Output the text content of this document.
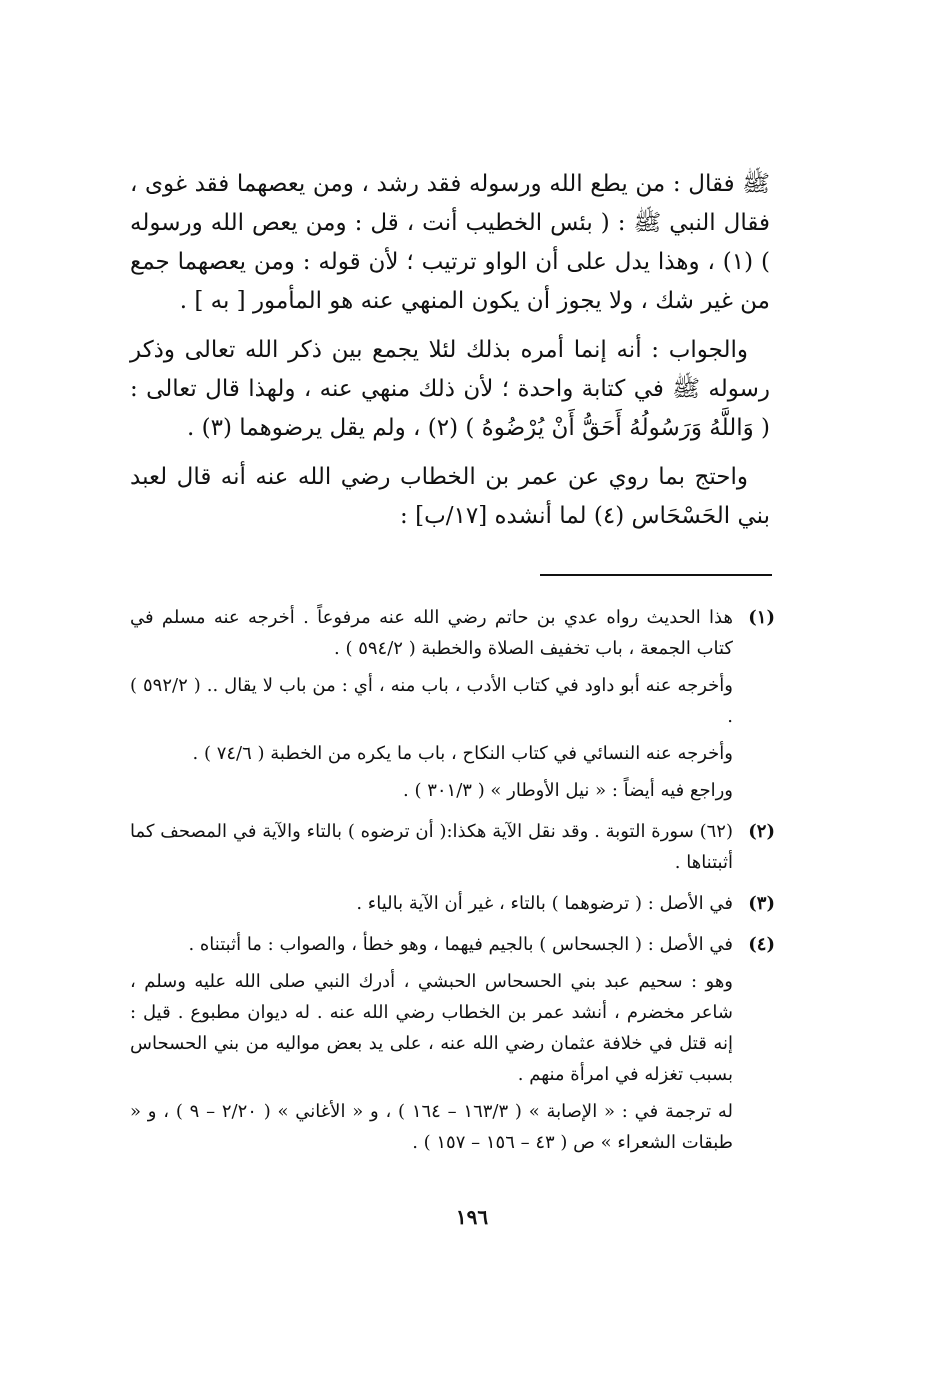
ﷺ فقال : من يطع الله ورسوله فقد رشد ، ومن يعصهما فقد غوى ، فقال النبي ﷺ : ( بئس الخطيب أنت ، قل : ومن يعص الله ورسوله ) (١) ، وهذا يدل على أن الواو ترتيب ؛ لأن قوله : ومن يعصهما جمع من غير شك ، ولا يجوز أن يكون المنهي عنه هو المأمور [ به ] .

والجواب : أنه إنما أمره بذلك لئلا يجمع بين ذكر الله تعالى وذكر رسوله ﷺ في كتابة واحدة ؛ لأن ذلك منهي عنه ، ولهذا قال تعالى : ( وَاللَّهُ وَرَسُولُهُ أَحَقُّ أَنْ يُرْضُوهُ ) (٢) ، ولم يقل يرضوهما (٣) .

واحتج بما روي عن عمر بن الخطاب رضي الله عنه أنه قال لعبد بني الحَسْحَاس (٤) لما أنشده [١٧/ب] :

(١)

هذا الحديث رواه عدي بن حاتم رضي الله عنه مرفوعاً . أخرجه عنه مسلم في كتاب الجمعة ، باب تخفيف الصلاة والخطبة ( ٥٩٤/٢ ) .

وأخرجه عنه أبو داود في كتاب الأدب ، باب منه ، أي : من باب لا يقال .. ( ٥٩٢/٢ ) .

وأخرجه عنه النسائي في كتاب النكاح ، باب ما يكره من الخطبة ( ٧٤/٦ ) .

وراجع فيه أيضاً : « نيل الأوطار » ( ٣٠١/٣ ) .

(٢)

(٦٢) سورة التوبة . وقد نقل الآية هكذا:( أن ترضوه ) بالتاء والآية في المصحف كما أثبتناها .

(٣)

في الأصل : ( ترضوهما ) بالتاء ، غير أن الآية بالياء .

(٤)

في الأصل : ( الجسحاس ) بالجيم فيهما ، وهو خطأ ، والصواب : ما أثبتناه .

وهو : سحيم عبد بني الحسحاس الحبشي ، أدرك النبي صلى الله عليه وسلم ، شاعر مخضرم ، أنشد عمر بن الخطاب رضي الله عنه . له ديوان مطبوع . قيل : إنه قتل في خلافة عثمان رضي الله عنه ، على يد بعض مواليه من بني الحسحاس بسبب تغزله في امرأة منهم .

له ترجمة في : « الإصابة » ( ١٦٣/٣ – ١٦٤ ) ، و « الأغاني » ( ٢/٢٠ – ٩ ) ، و « طبقات الشعراء » ص ( ٤٣ – ١٥٦ – ١٥٧ ) .

١٩٦
